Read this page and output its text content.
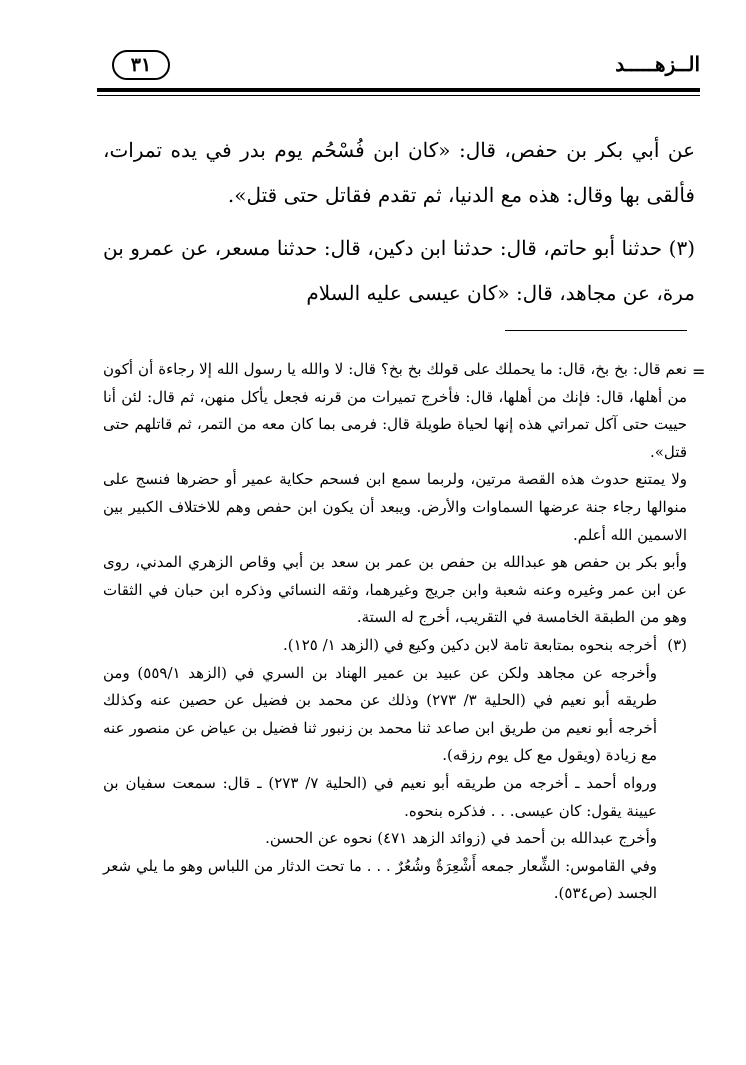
٣١	الــزهـــــد

عن أبي بكر بن حفص، قال: «كان ابن فُسْحُم يوم بدر في يده تمرات، فألقى بها وقال: هذه مع الدنيا، ثم تقدم فقاتل حتى قتل».

(٣) حدثنا أبو حاتم، قال: حدثنا ابن دكين، قال: حدثنا مسعر، عن عمرو بن مرة، عن مجاهد، قال: «كان عيسى عليه السلام

=

نعم قال: بخ بخ، قال: ما يحملك على قولك بخ بخ؟ قال: لا والله يا رسول الله إلا رجاءة أن أكون من أهلها، قال: فإنك من أهلها، قال: فأخرج تميرات من قرنه فجعل يأكل منهن، ثم قال: لئن أنا حييت حتى آكل تمراتي هذه إنها لحياة طويلة قال: فرمى بما كان معه من التمر، ثم قاتلهم حتى قتل».

ولا يمتنع حدوث هذه القصة مرتين، ولربما سمع ابن فسحم حكاية عمير أو حضرها فنسج على منوالها رجاء جنة عرضها السماوات والأرض. ويبعد أن يكون ابن حفص وهم للاختلاف الكبير بين الاسمين الله أعلم.

وأبو بكر بن حفص هو عبدالله بن حفص بن عمر بن سعد بن أبي وقاص الزهري المدني، روى عن ابن عمر وغيره وعنه شعبة وابن جريج وغيرهما، وثقه النسائي وذكره ابن حبان في الثقات وهو من الطبقة الخامسة في التقريب، أخرج له الستة.

(٣)

أخرجه بنحوه بمتابعة تامة لابن دكين وكيع في (الزهد ١/ ١٢٥).

وأخرجه عن مجاهد ولكن عن عبيد بن عمير الهناد بن السري في (الزهد ٥٥٩/١) ومن طريقه أبو نعيم في (الحلية ٣/ ٢٧٣) وذلك عن محمد بن فضيل عن حصين عنه وكذلك أخرجه أبو نعيم من طريق ابن صاعد ثنا محمد بن زنبور ثنا فضيل بن عياض عن منصور عنه مع زيادة (ويقول مع كل يوم رزقه).

ورواه أحمد ـ أخرجه من طريقه أبو نعيم في (الحلية ٧/ ٢٧٣) ـ قال: سمعت سفيان بن عيينة يقول: كان عيسى. . . فذكره بنحوه.

وأخرج عبدالله بن أحمد في (زوائد الزهد ٤٧١) نحوه عن الحسن.

وفي القاموس: الشِّعار جمعه أَشْعِرَةٌ وشُعُرٌ . . . ما تحت الدثار من اللباس وهو ما يلي شعر الجسد (ص٥٣٤).
